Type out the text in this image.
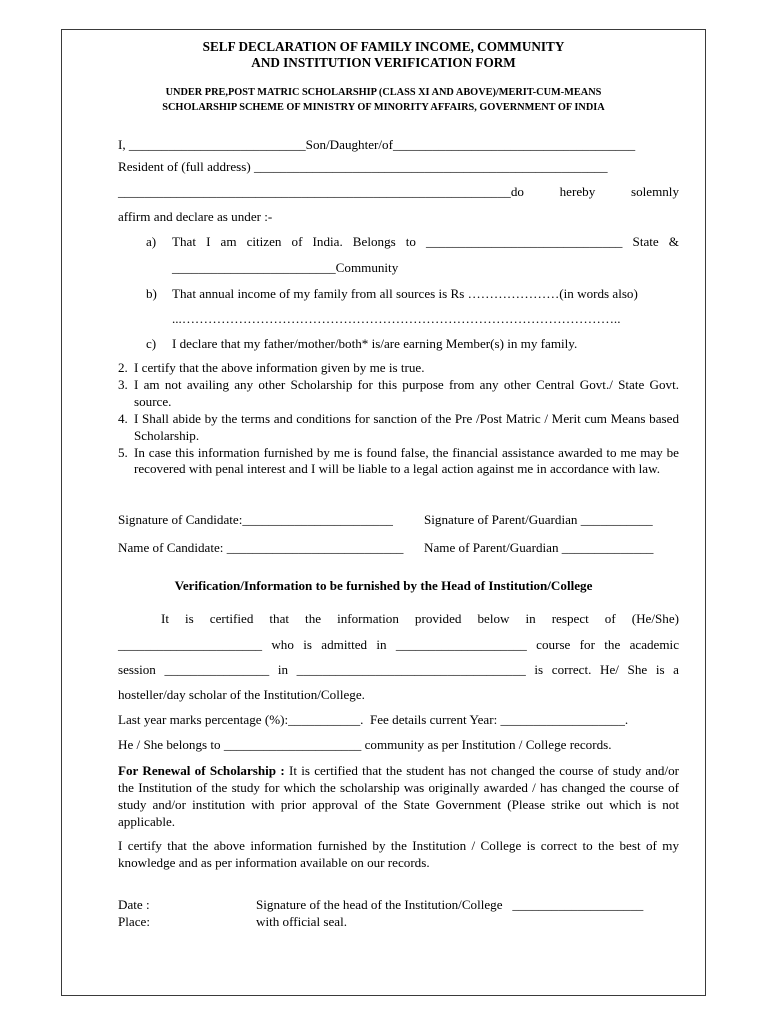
SELF DECLARATION OF FAMILY INCOME, COMMUNITY
AND INSTITUTION VERIFICATION FORM
UNDER PRE,POST MATRIC SCHOLARSHIP (CLASS XI AND ABOVE)/MERIT-CUM-MEANS
SCHOLARSHIP SCHEME OF MINISTRY OF MINORITY AFFAIRS, GOVERNMENT OF INDIA
I, ___________________________Son/Daughter/of_____________________________________
Resident of (full address) ______________________________________________________
____________________________________________________________do hereby solemnly
affirm and declare as under :-
a) That I am citizen of India. Belongs to ______________________________ State &
_________________________Community
b) That annual income of my family from all sources is Rs …………………(in words also)
...………………………………………………………………………………………..
c) I declare that my father/mother/both* is/are earning Member(s) in my family.
2. I certify that the above information given by me is true.
3. I am not availing any other Scholarship for this purpose from any other Central Govt./ State Govt. source.
4. I Shall abide by the terms and conditions for sanction of the Pre /Post Matric / Merit cum Means based Scholarship.
5. In case this information furnished by me is found false, the financial assistance awarded to me may be recovered with penal interest and I will be liable to a legal action against me in accordance with law.
Signature of Candidate:_______________________ Signature of Parent/Guardian ___________
Name of Candidate: ___________________________ Name of Parent/Guardian ______________
Verification/Information to be furnished by the Head of Institution/College
It is certified that the information provided below in respect of (He/She)
______________________ who is admitted in ____________________ course for the academic
session ________________ in ___________________________________ is correct. He/ She is a
hosteller/day scholar of the Institution/College.
Last year marks percentage (%):___________.  Fee details current Year: ___________________.
He / She belongs to _____________________ community as per Institution / College records.
For Renewal of Scholarship : It is certified that the student has not changed the course of study and/or the Institution of the study for which the scholarship was originally awarded / has changed the course of study and/or institution with prior approval of the State Government (Please strike out which is not applicable.
I certify that the above information furnished by the Institution / College is correct to the best of my knowledge and as per information available on our records.
Date :
Place:
Signature of the head of the Institution/College   ____________________
with official seal.
